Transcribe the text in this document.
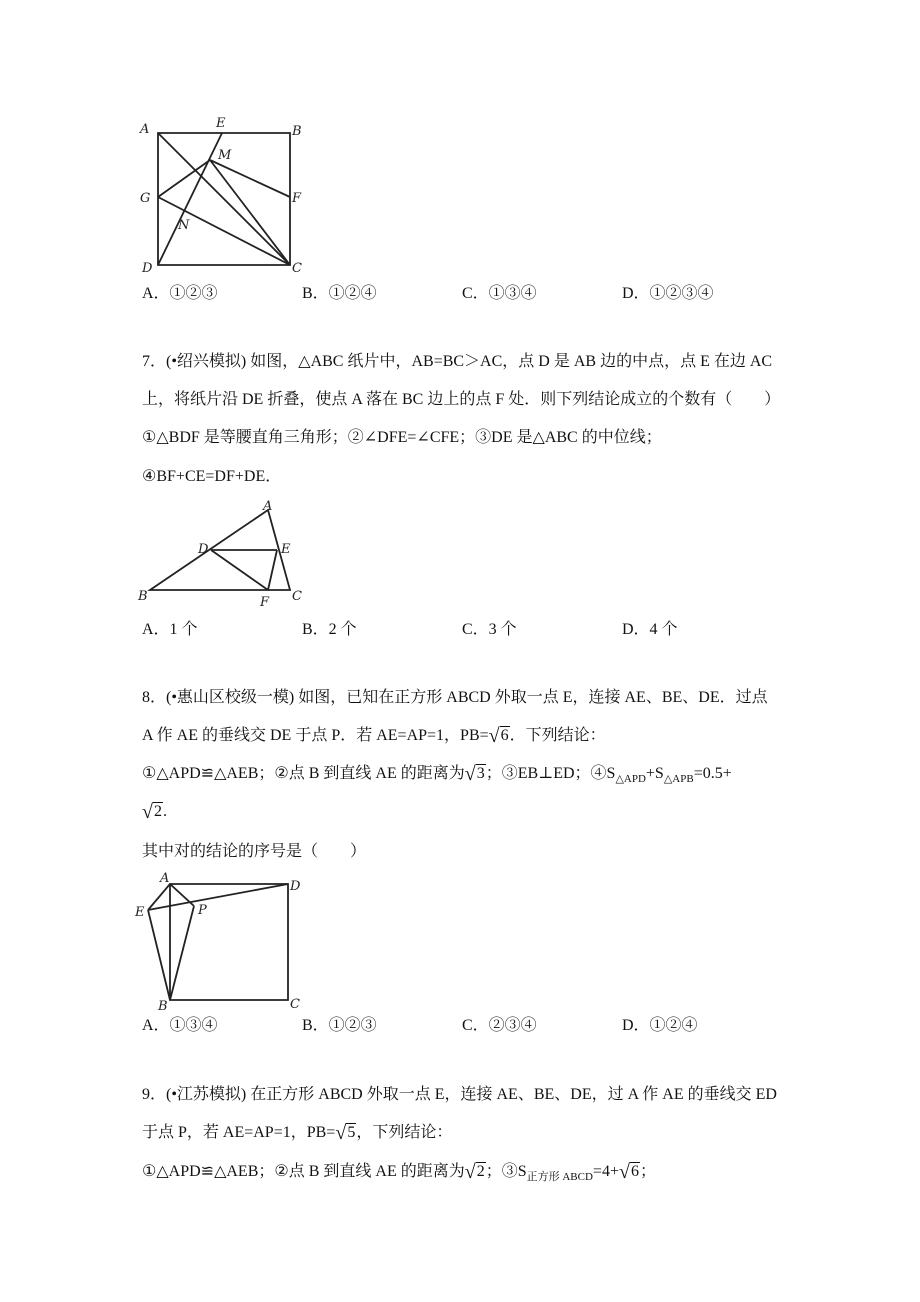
A	E
B
M
G	F
N
D	C
A．①②③	B．①②④	C．①③④	D．①②③④
7．(•绍兴模拟) 如图，△ABC 纸片中，AB=BC＞AC，点 D 是 AB 边的中点，点 E 在边 AC
上，将纸片沿 DE 折叠，使点 A 落在 BC 边上的点 F 处．则下列结论成立的个数有（　　）
①△BDF 是等腰直角三角形；②∠DFE=∠CFE；③DE 是△ABC 的中位线；
④BF+CE=DF+DE．
A
D	E
B	F C
A．1 个	B．2 个	C．3 个	D．4 个
8．(•惠山区校级一模) 如图，已知在正方形 ABCD 外取一点 E，连接 AE、BE、DE．过点
A 作 AE 的垂线交 DE 于点 P．若 AE=AP=1，PB=√6．下列结论：
①△APD≌△AEB；②点 B 到直线 AE 的距离为√3；③EB⊥ED；$④S_{\triangle APD}+S_{\triangle APB}=0.5+$
√2.
其中对的结论的序号是（　　）
A
D
E	P
B	C
A．①③④	B．①②③	C．②③④	D．①②④
9．(•江苏模拟) 在正方形 ABCD 外取一点 E，连接 AE、BE、DE，过 A 作 AE 的垂线交 ED
于点 P，若 AE=AP=1，PB=√5，下列结论：
①△APD≌△AEB；②点 B 到直线 AE 的距离为√2；$③S_{正方形 ABCD}=4+√6$；
